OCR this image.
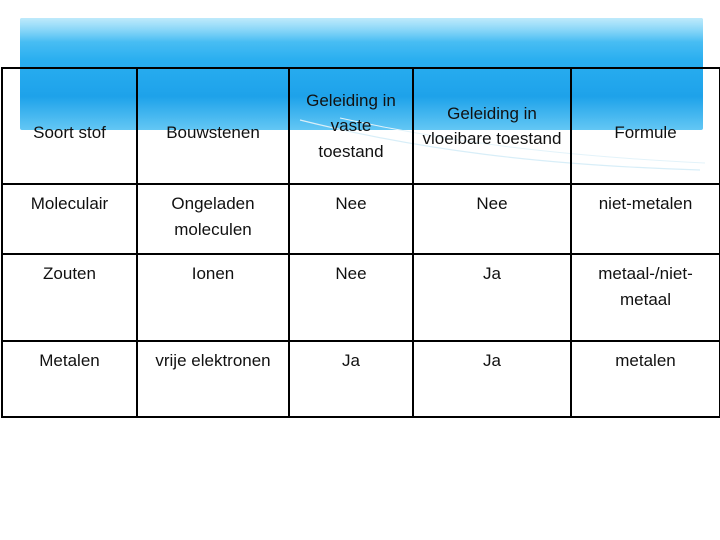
Soort stof	Bouwstenen	Geleiding in vaste toestand	Geleiding in vloeibare toestand	Formule
Moleculair	Ongeladen moleculen	Nee	Nee	niet-metalen
Zouten	Ionen	Nee	Ja	metaal-/niet-metaal
Metalen	vrije elektronen	Ja	Ja	metalen
